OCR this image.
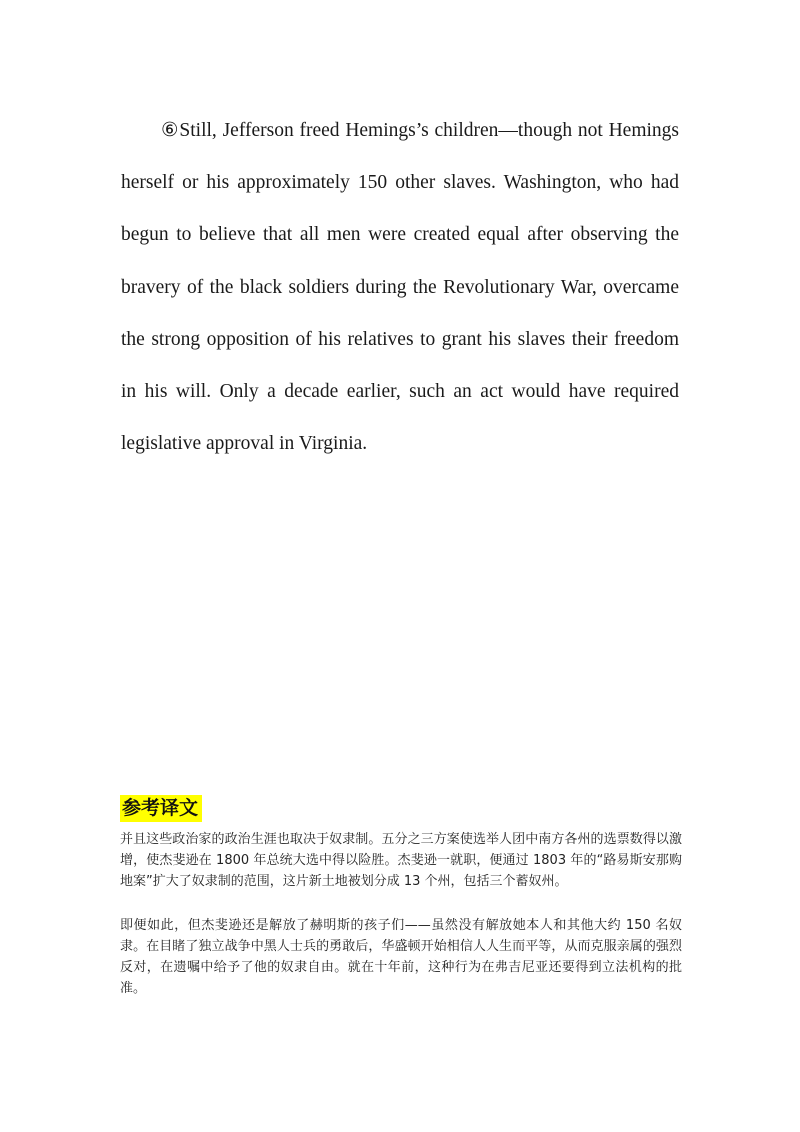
⑥Still, Jefferson freed Hemings’s children—though not Hemings herself or his approximately 150 other slaves. Washington, who had begun to believe that all men were created equal after observing the bravery of the black soldiers during the Revolutionary War, overcame the strong opposition of his relatives to grant his slaves their freedom in his will. Only a decade earlier, such an act would have required legislative approval in Virginia.

参考译文

并且这些政治家的政治生涯也取决于奴隶制。五分之三方案使选举人团中南方各州的选票数得以激增，使杰斐逊在 1800 年总统大选中得以险胜。杰斐逊一就职，便通过 1803 年的“路易斯安那购地案”扩大了奴隶制的范围，这片新土地被划分成 13 个州，包括三个蓄奴州。

即便如此，但杰斐逊还是解放了赫明斯的孩子们——虽然没有解放她本人和其他大约 150 名奴隶。在目睹了独立战争中黑人士兵的勇敢后，华盛顿开始相信人人生而平等，从而克服亲属的强烈反对，在遗嘱中给予了他的奴隶自由。就在十年前，这种行为在弗吉尼亚还要得到立法机构的批准。
